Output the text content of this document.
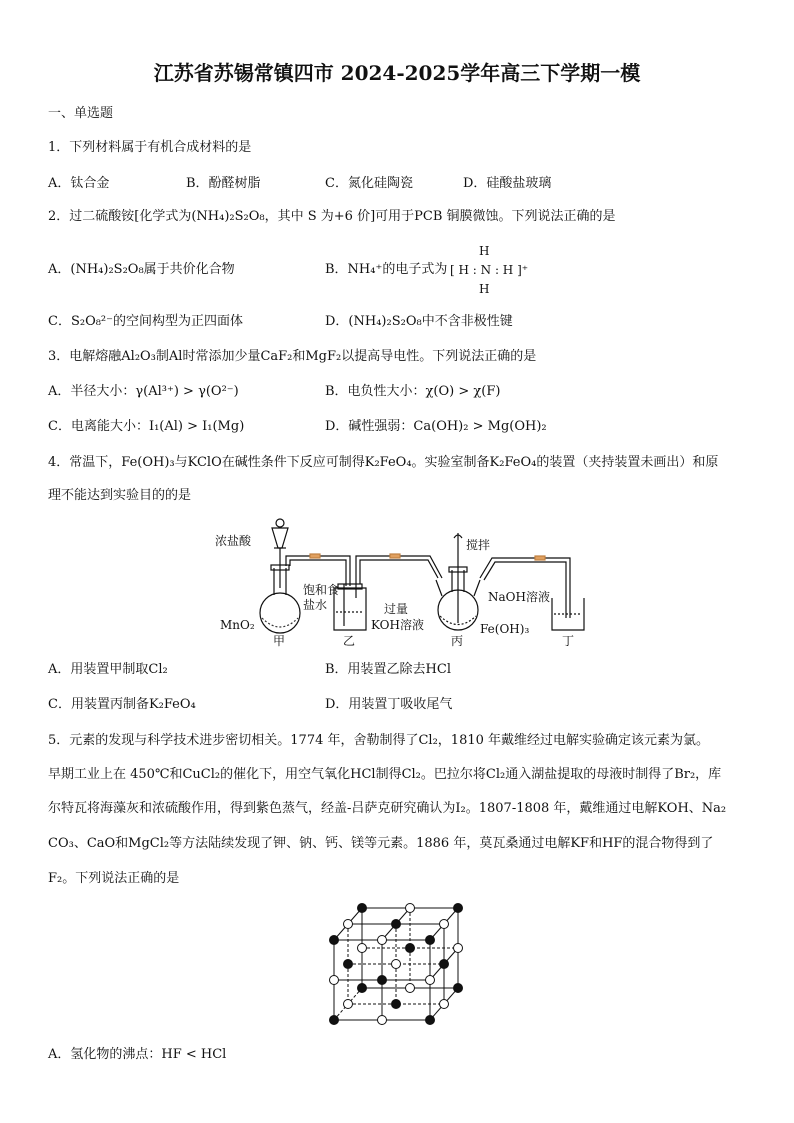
江苏省苏锡常镇四市 2024-2025学年高三下学期一模
一、单选题
1．下列材料属于有机合成材料的是
A．钛合金	B．酚醛树脂	C．氮化硅陶瓷	D．硅酸盐玻璃
2．过二硫酸铵[化学式为(NH₄)₂S₂O₈，其中 S 为+6 价]可用于PCB 铜膜微蚀。下列说法正确的是
A．(NH₄)₂S₂O₈属于共价化合物	B．NH₄⁺的电子式为
H
[ H : N : H ]⁺
H
C．S₂O₈²⁻的空间构型为正四面体	D．(NH₄)₂S₂O₈中不含非极性键
3．电解熔融Al₂O₃制Al时常添加少量CaF₂和MgF₂以提高导电性。下列说法正确的是
A．半径大小：γ(Al³⁺) > γ(O²⁻)	B．电负性大小：χ(O) > χ(F)
C．电离能大小：I₁(Al) > I₁(Mg)	D．碱性强弱：Ca(OH)₂ > Mg(OH)₂
4．常温下，Fe(OH)₃与KClO在碱性条件下反应可制得K₂FeO₄。实验室制备K₂FeO₄的装置（夹持装置未画出）和原
理不能达到实验目的的是
浓盐酸	搅拌
饱和食
盐水
NaOH溶液
过量
KOH溶液
MnO₂	Fe(OH)₃
甲	乙	丙	丁
A．用装置甲制取Cl₂	B．用装置乙除去HCl
C．用装置丙制备K₂FeO₄	D．用装置丁吸收尾气
5．元素的发现与科学技术进步密切相关。1774 年，舍勒制得了Cl₂，1810 年戴维经过电解实验确定该元素为氯。
早期工业上在 450℃和CuCl₂的催化下，用空气氧化HCl制得Cl₂。巴拉尔将Cl₂通入湖盐提取的母液时制得了Br₂，库
尔特瓦将海藻灰和浓硫酸作用，得到紫色蒸气，经盖-吕萨克研究确认为I₂。1807-1808 年，戴维通过电解KOH、Na₂
CO₃、CaO和MgCl₂等方法陆续发现了钾、钠、钙、镁等元素。1886 年，莫瓦桑通过电解KF和HF的混合物得到了
F₂。下列说法正确的是
A．氢化物的沸点：HF < HCl
